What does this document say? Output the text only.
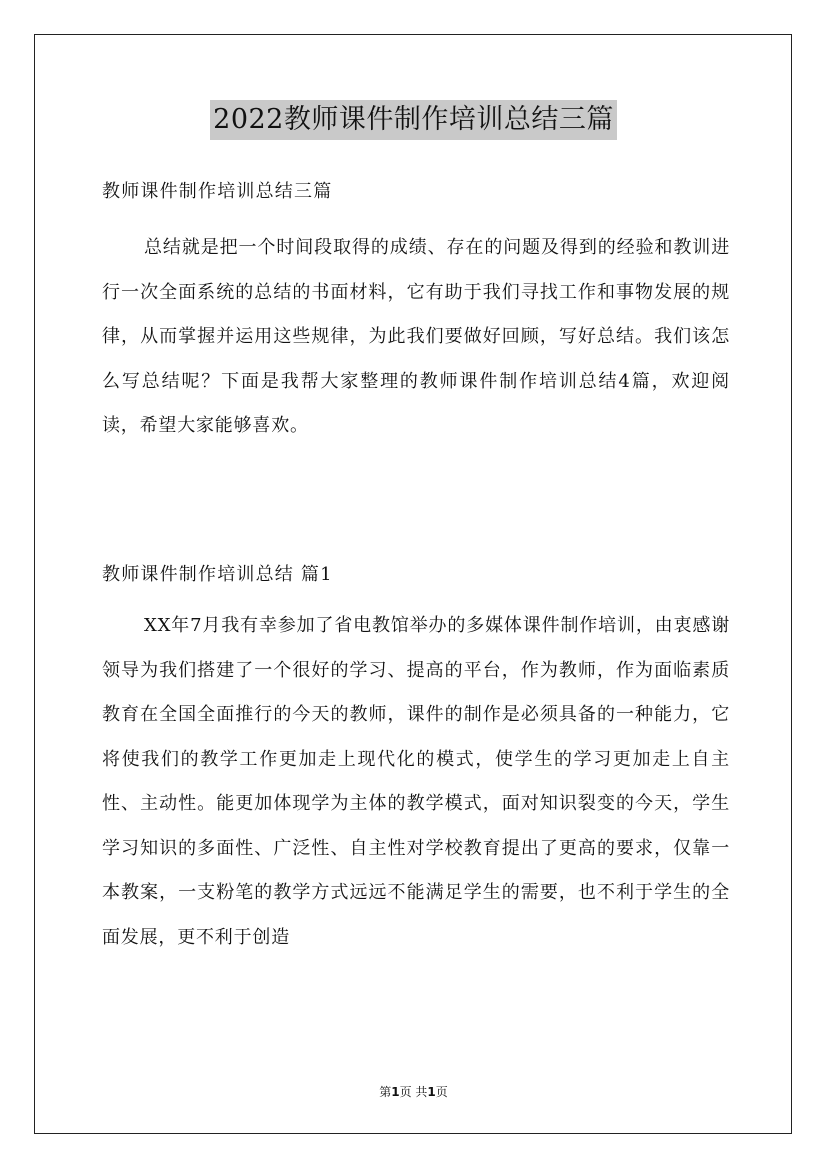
2022教师课件制作培训总结三篇
教师课件制作培训总结三篇
总结就是把一个时间段取得的成绩、存在的问题及得到的经验和教训进行一次全面系统的总结的书面材料，它有助于我们寻找工作和事物发展的规律，从而掌握并运用这些规律，为此我们要做好回顾，写好总结。我们该怎么写总结呢？下面是我帮大家整理的教师课件制作培训总结4篇，欢迎阅读，希望大家能够喜欢。
教师课件制作培训总结 篇1
XX年7月我有幸参加了省电教馆举办的多媒体课件制作培训，由衷感谢领导为我们搭建了一个很好的学习、提高的平台，作为教师，作为面临素质教育在全国全面推行的今天的教师，课件的制作是必须具备的一种能力，它将使我们的教学工作更加走上现代化的模式，使学生的学习更加走上自主性、主动性。能更加体现学为主体的教学模式，面对知识裂变的今天，学生学习知识的多面性、广泛性、自主性对学校教育提出了更高的要求，仅靠一本教案，一支粉笔的教学方式远远不能满足学生的需要，也不利于学生的全面发展，更不利于创造
第1页 共1页
